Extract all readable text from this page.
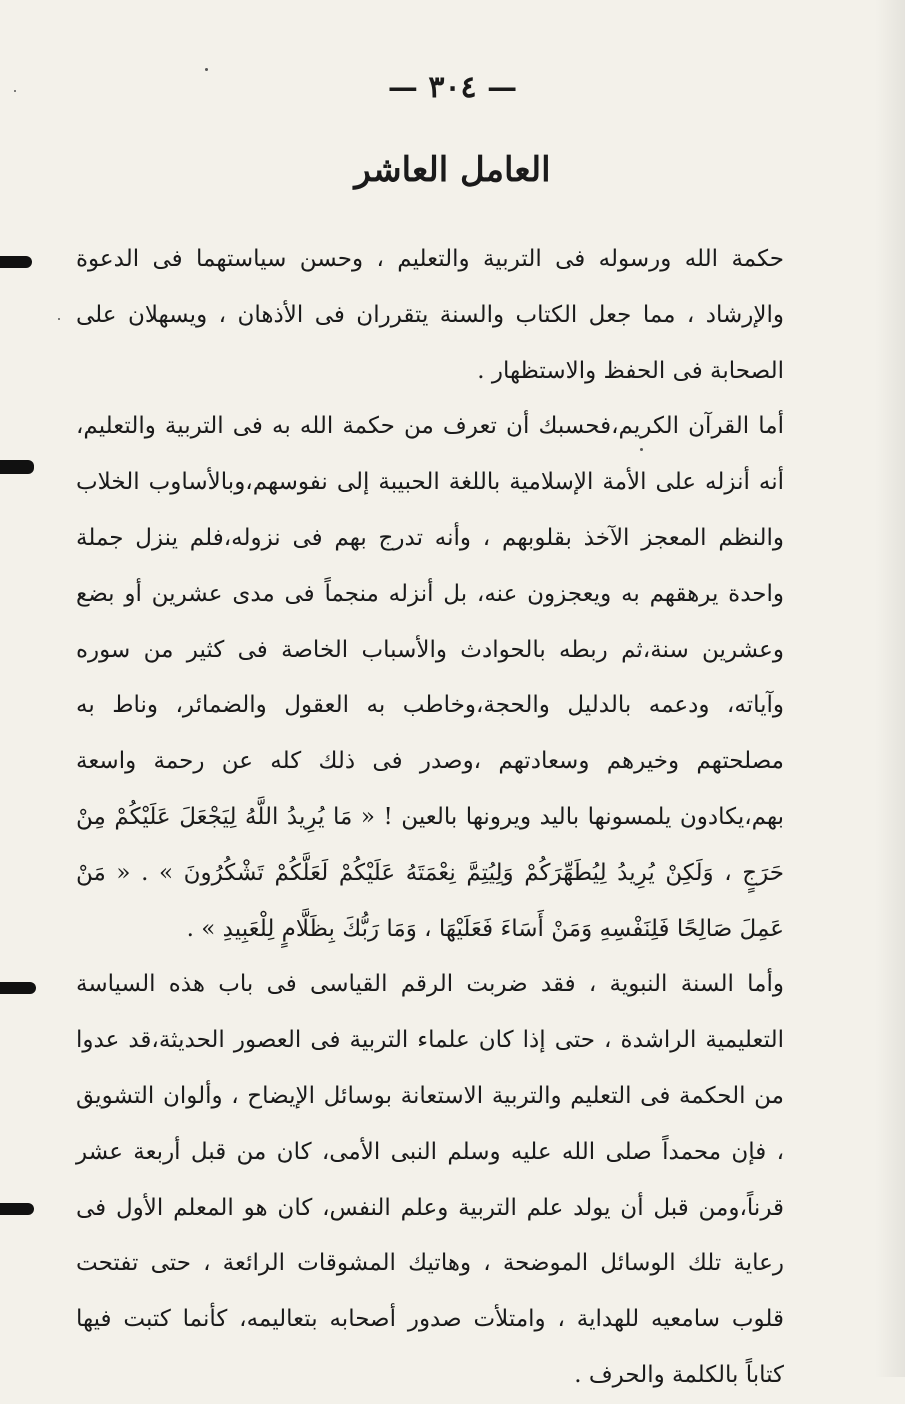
— ٣٠٤ —
العامل العاشر

حكمة الله ورسوله فى التربية والتعليم ، وحسن سياستهما فى الدعوة والإرشاد ، مما جعل الكتاب والسنة يتقرران فى الأذهان ، ويسهلان على الصحابة فى الحفظ والاستظهار .

أما القرآن الكريم،فحسبك أن تعرف من حكمة الله به فى التربية والتعليم، أنه أنزله على الأمة الإسلامية باللغة الحبيبة إلى نفوسهم،وبالأساوب الخلاب والنظم المعجز الآخذ بقلوبهم ، وأنه تدرج بهم فى نزوله،فلم ينزل جملة واحدة يرهقهم به ويعجزون عنه، بل أنزله منجماً فى مدى عشرين أو بضع وعشرين سنة،ثم ربطه بالحوادث والأسباب الخاصة فى كثير من سوره وآياته، ودعمه بالدليل والحجة،وخاطب به العقول والضمائر، وناط به مصلحتهم وخيرهم وسعادتهم ،وصدر فى ذلك كله عن رحمة واسعة بهم،يكادون يلمسونها باليد ويرونها بالعين ! « مَا يُرِيدُ اللَّهُ لِيَجْعَلَ عَلَيْكُمْ مِنْ حَرَجٍ ، وَلَكِنْ يُرِيدُ لِيُطَهِّرَكُمْ وَلِيُتِمَّ نِعْمَتَهُ عَلَيْكُمْ لَعَلَّكُمْ تَشْكُرُونَ » . « مَنْ عَمِلَ صَالِحًا فَلِنَفْسِهِ وَمَنْ أَسَاءَ فَعَلَيْهَا ، وَمَا رَبُّكَ بِظَلَّامٍ لِلْعَبِيدِ » .

وأما السنة النبوية ، فقد ضربت الرقم القياسى فى باب هذه السياسة التعليمية الراشدة ، حتى إذا كان علماء التربية فى العصور الحديثة،قد عدوا من الحكمة فى التعليم والتربية الاستعانة بوسائل الإيضاح ، وألوان التشويق ، فإن محمداً صلى الله عليه وسلم النبى الأمى، كان من قبل أربعة عشر قرناً،ومن قبل أن يولد علم التربية وعلم النفس، كان هو المعلم الأول فى رعاية تلك الوسائل الموضحة ، وهاتيك المشوقات الرائعة ، حتى تفتحت قلوب سامعيه للهداية ، وامتلأت صدور أصحابه بتعاليمه، كأنما كتبت فيها كتاباً بالكلمة والحرف .
